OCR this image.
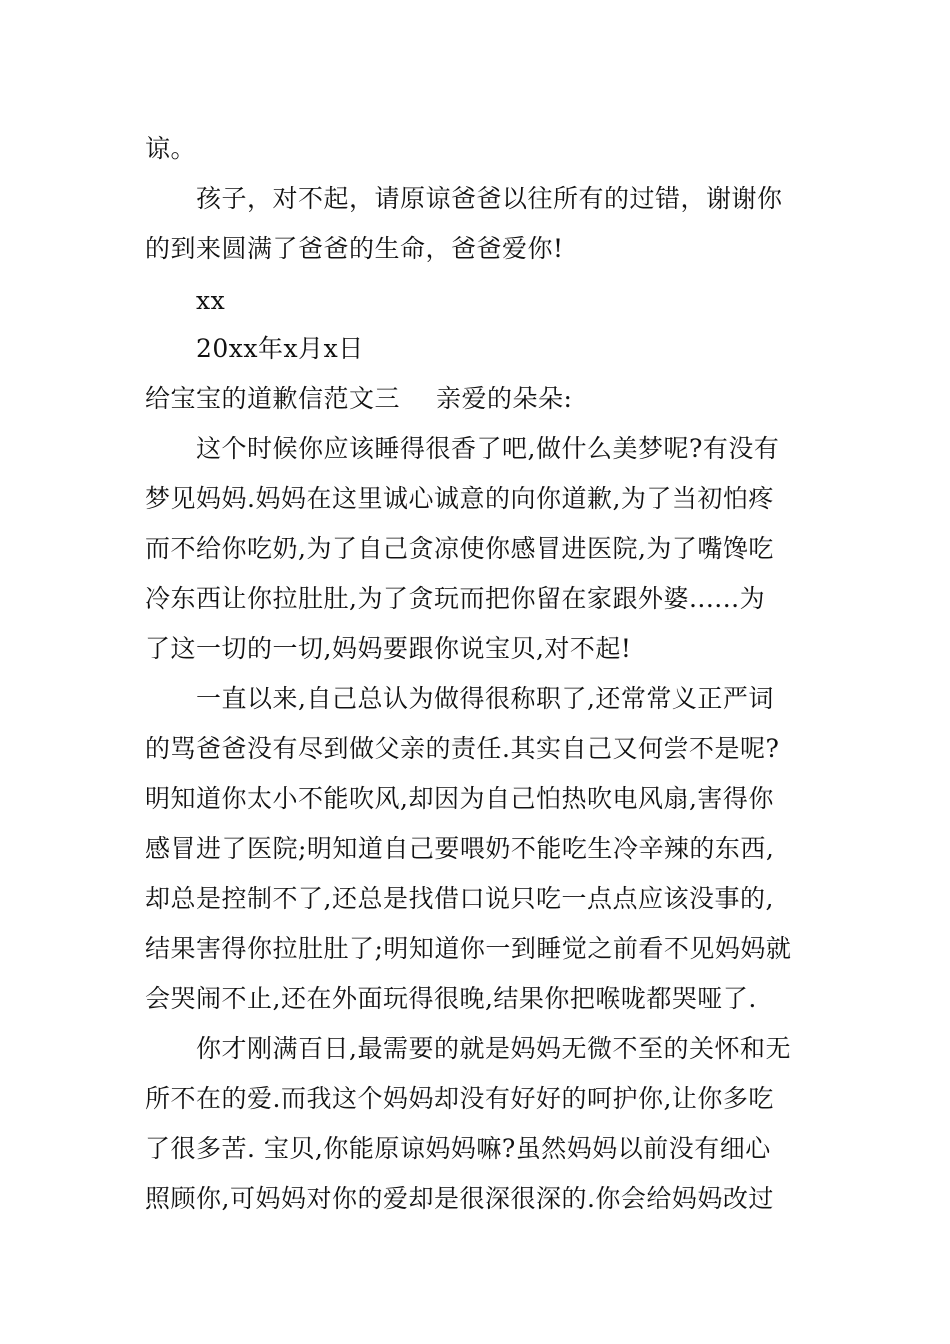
谅。
孩子，对不起，请原谅爸爸以往所有的过错，谢谢你
的到来圆满了爸爸的生命，爸爸爱你!
xx
20xx年x月x日
给宝宝的道歉信范文三 亲爱的朵朵:
这个时候你应该睡得很香了吧,做什么美梦呢?有没有
梦见妈妈.妈妈在这里诚心诚意的向你道歉,为了当初怕疼
而不给你吃奶,为了自己贪凉使你感冒进医院,为了嘴馋吃
冷东西让你拉肚肚,为了贪玩而把你留在家跟外婆......为
了这一切的一切,妈妈要跟你说宝贝,对不起!
一直以来,自己总认为做得很称职了,还常常义正严词
的骂爸爸没有尽到做父亲的责任.其实自己又何尝不是呢?
明知道你太小不能吹风,却因为自己怕热吹电风扇,害得你
感冒进了医院;明知道自己要喂奶不能吃生冷辛辣的东西,
却总是控制不了,还总是找借口说只吃一点点应该没事的,
结果害得你拉肚肚了;明知道你一到睡觉之前看不见妈妈就
会哭闹不止,还在外面玩得很晚,结果你把喉咙都哭哑了.
你才刚满百日,最需要的就是妈妈无微不至的关怀和无
所不在的爱.而我这个妈妈却没有好好的呵护你,让你多吃
了很多苦. 宝贝,你能原谅妈妈嘛?虽然妈妈以前没有细心
照顾你,可妈妈对你的爱却是很深很深的.你会给妈妈改过
